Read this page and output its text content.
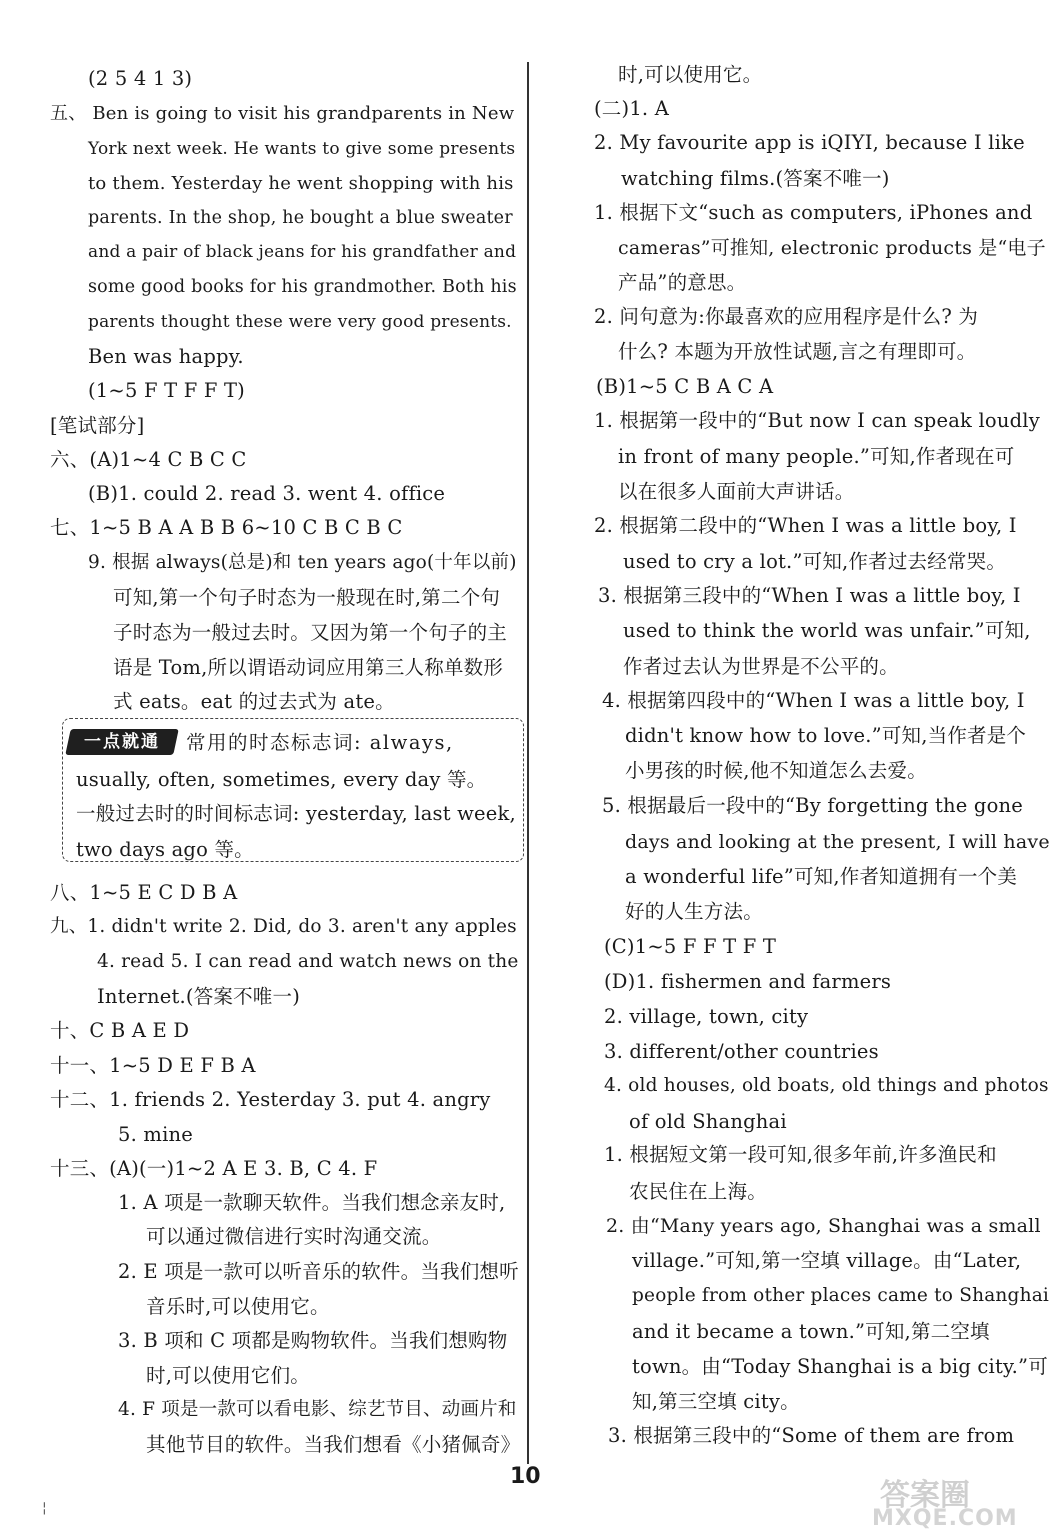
(2 5 4 1 3)
五、 Ben is going to visit his grandparents in New
York next week. He wants to give some presents
to them. Yesterday he went shopping with his
parents. In the shop, he bought a blue sweater
and a pair of black jeans for his grandfather and
some good books for his grandmother. Both his
parents thought these were very good presents.
Ben was happy.
(1~5 F T F F T)
[笔试部分]
六、(A)1~4 C B C C
(B)1. could 2. read 3. went 4. office
七、1~5 B A A B B 6~10 C B C B C
9. 根据 always(总是)和 ten years ago(十年以前)
可知,第一个句子时态为一般现在时,第二个句
子时态为一般过去时。又因为第一个句子的主
语是 Tom,所以谓语动词应用第三人称单数形
式 eats。eat 的过去式为 ate。
一点就通	常用的时态标志词: always,
usually, often, sometimes, every day 等。
一般过去时的时间标志词: yesterday, last week,
two days ago 等。
八、1~5 E C D B A
九、1. didn't write 2. Did, do 3. aren't any apples
4. read 5. I can read and watch news on the
Internet.(答案不唯一)
十、C B A E D
十一、1~5 D E F B A
十二、1. friends 2. Yesterday 3. put 4. angry
5. mine
十三、(A)(一)1~2 A E 3. B, C 4. F
1. A 项是一款聊天软件。当我们想念亲友时,
可以通过微信进行实时沟通交流。
2. E 项是一款可以听音乐的软件。当我们想听
音乐时,可以使用它。
3. B 项和 C 项都是购物软件。当我们想购物
时,可以使用它们。
4. F 项是一款可以看电影、综艺节目、动画片和
其他节目的软件。当我们想看《小猪佩奇》
时,可以使用它。
(二)1. A
2. My favourite app is iQIYI, because I like
watching films.(答案不唯一)
1. 根据下文“such as computers, iPhones and
cameras”可推知, electronic products 是“电子
产品”的意思。
2. 问句意为:你最喜欢的应用程序是什么? 为
什么? 本题为开放性试题,言之有理即可。
(B)1~5 C B A C A
1. 根据第一段中的“But now I can speak loudly
in front of many people.”可知,作者现在可
以在很多人面前大声讲话。
2. 根据第二段中的“When I was a little boy, I
used to cry a lot.”可知,作者过去经常哭。
3. 根据第三段中的“When I was a little boy, I
used to think the world was unfair.”可知,
作者过去认为世界是不公平的。
4. 根据第四段中的“When I was a little boy, I
didn't know how to love.”可知,当作者是个
小男孩的时候,他不知道怎么去爱。
5. 根据最后一段中的“By forgetting the gone
days and looking at the present, I will have
a wonderful life”可知,作者知道拥有一个美
好的人生方法。
(C)1~5 F F T F T
(D)1. fishermen and farmers
2. village, town, city
3. different/other countries
4. old houses, old boats, old things and photos
of old Shanghai
1. 根据短文第一段可知,很多年前,许多渔民和
农民住在上海。
2. 由“Many years ago, Shanghai was a small
village.”可知,第一空填 village。由“Later,
people from other places came to Shanghai
and it became a town.”可知,第二空填
town。由“Today Shanghai is a big city.”可
知,第三空填 city。
3. 根据第三段中的“Some of them are from
10
¦	答案圈
MXQE.COM
